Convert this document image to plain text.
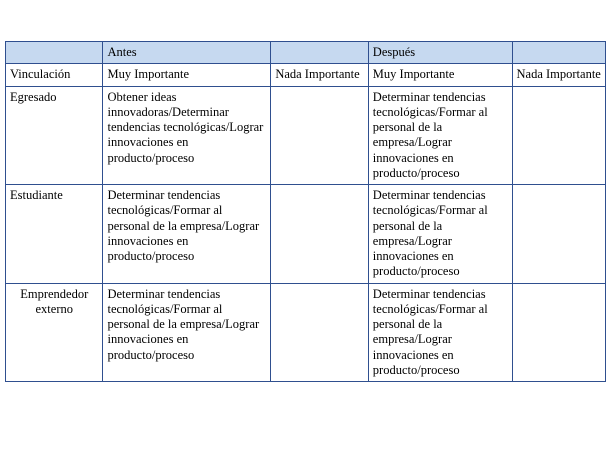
	Antes		Después	
Vinculación	Muy Importante	Nada Importante	Muy Importante	Nada Importante
Egresado	Obtener ideas innovadoras/Determinar tendencias tecnológicas/Lograr innovaciones en producto/proceso		Determinar tendencias tecnológicas/Formar al personal de la empresa/Lograr innovaciones en producto/proceso	
Estudiante	Determinar tendencias tecnológicas/Formar al personal de la empresa/Lograr innovaciones en producto/proceso		Determinar tendencias tecnológicas/Formar al personal de la empresa/Lograr innovaciones en producto/proceso	
Emprendedor externo	Determinar tendencias tecnológicas/Formar al personal de la empresa/Lograr innovaciones en producto/proceso		Determinar tendencias tecnológicas/Formar al personal de la empresa/Lograr innovaciones en producto/proceso	
